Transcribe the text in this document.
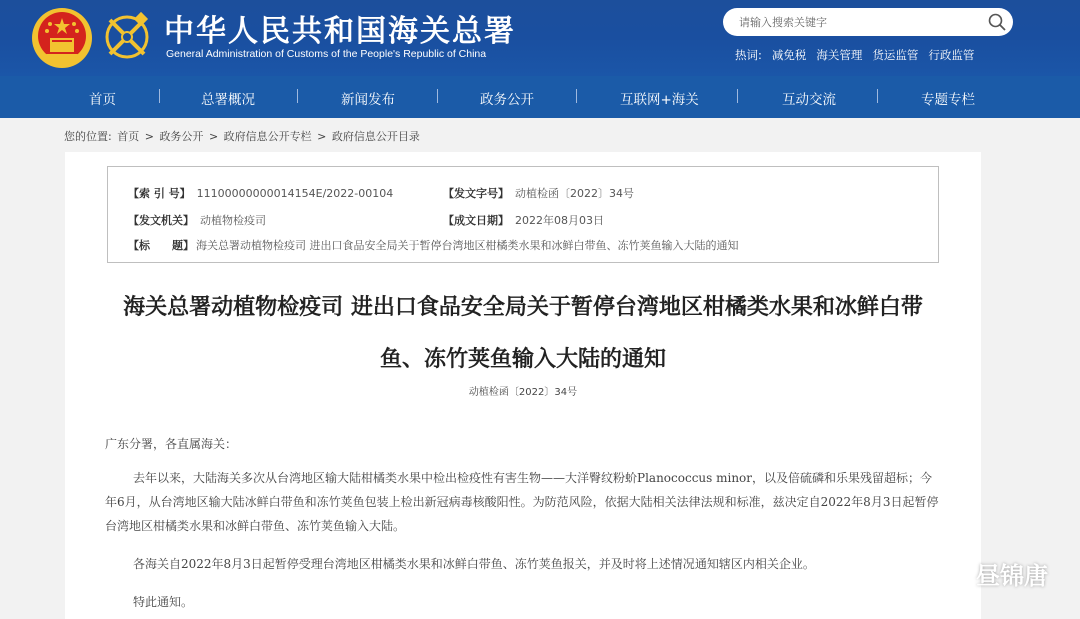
中华人民共和国海关总署
General Administration of Customs of the People's Republic of China
请输入搜索关键字	热词: 减免税 海关管理 货运监管 行政监管
首页	总署概况	新闻发布	政务公开	互联网+海关	互动交流	专题专栏
您的位置: 首页 > 政务公开 > 政府信息公开专栏 > 政府信息公开目录
【索 引 号】 11100000000014154E/2022-00104	【发文字号】 动植检函〔2022〕34号
【发文机关】 动植物检疫司	【成文日期】 2022年08月03日
【标　　题】 海关总署动植物检疫司 进出口食品安全局关于暂停台湾地区柑橘类水果和冰鲜白带鱼、冻竹荚鱼输入大陆的通知
海关总署动植物检疫司 进出口食品安全局关于暂停台湾地区柑橘类水果和冰鲜白带
鱼、冻竹荚鱼输入大陆的通知
动植检函〔2022〕34号
广东分署，各直属海关：
去年以来，大陆海关多次从台湾地区输大陆柑橘类水果中检出检疫性有害生物——大洋臀纹粉蚧Planococcus minor，以及倍硫磷和乐果残留超标；今年6月，从台湾地区输大陆冰鲜白带鱼和冻竹荚鱼包装上检出新冠病毒核酸阳性。为防范风险，依据大陆相关法律法规和标准，兹决定自2022年8月3日起暂停台湾地区柑橘类水果和冰鲜白带鱼、冻竹荚鱼输入大陆。
各海关自2022年8月3日起暂停受理台湾地区柑橘类水果和冰鲜白带鱼、冻竹荚鱼报关，并及时将上述情况通知辖区内相关企业。
特此通知。
昼锦唐
